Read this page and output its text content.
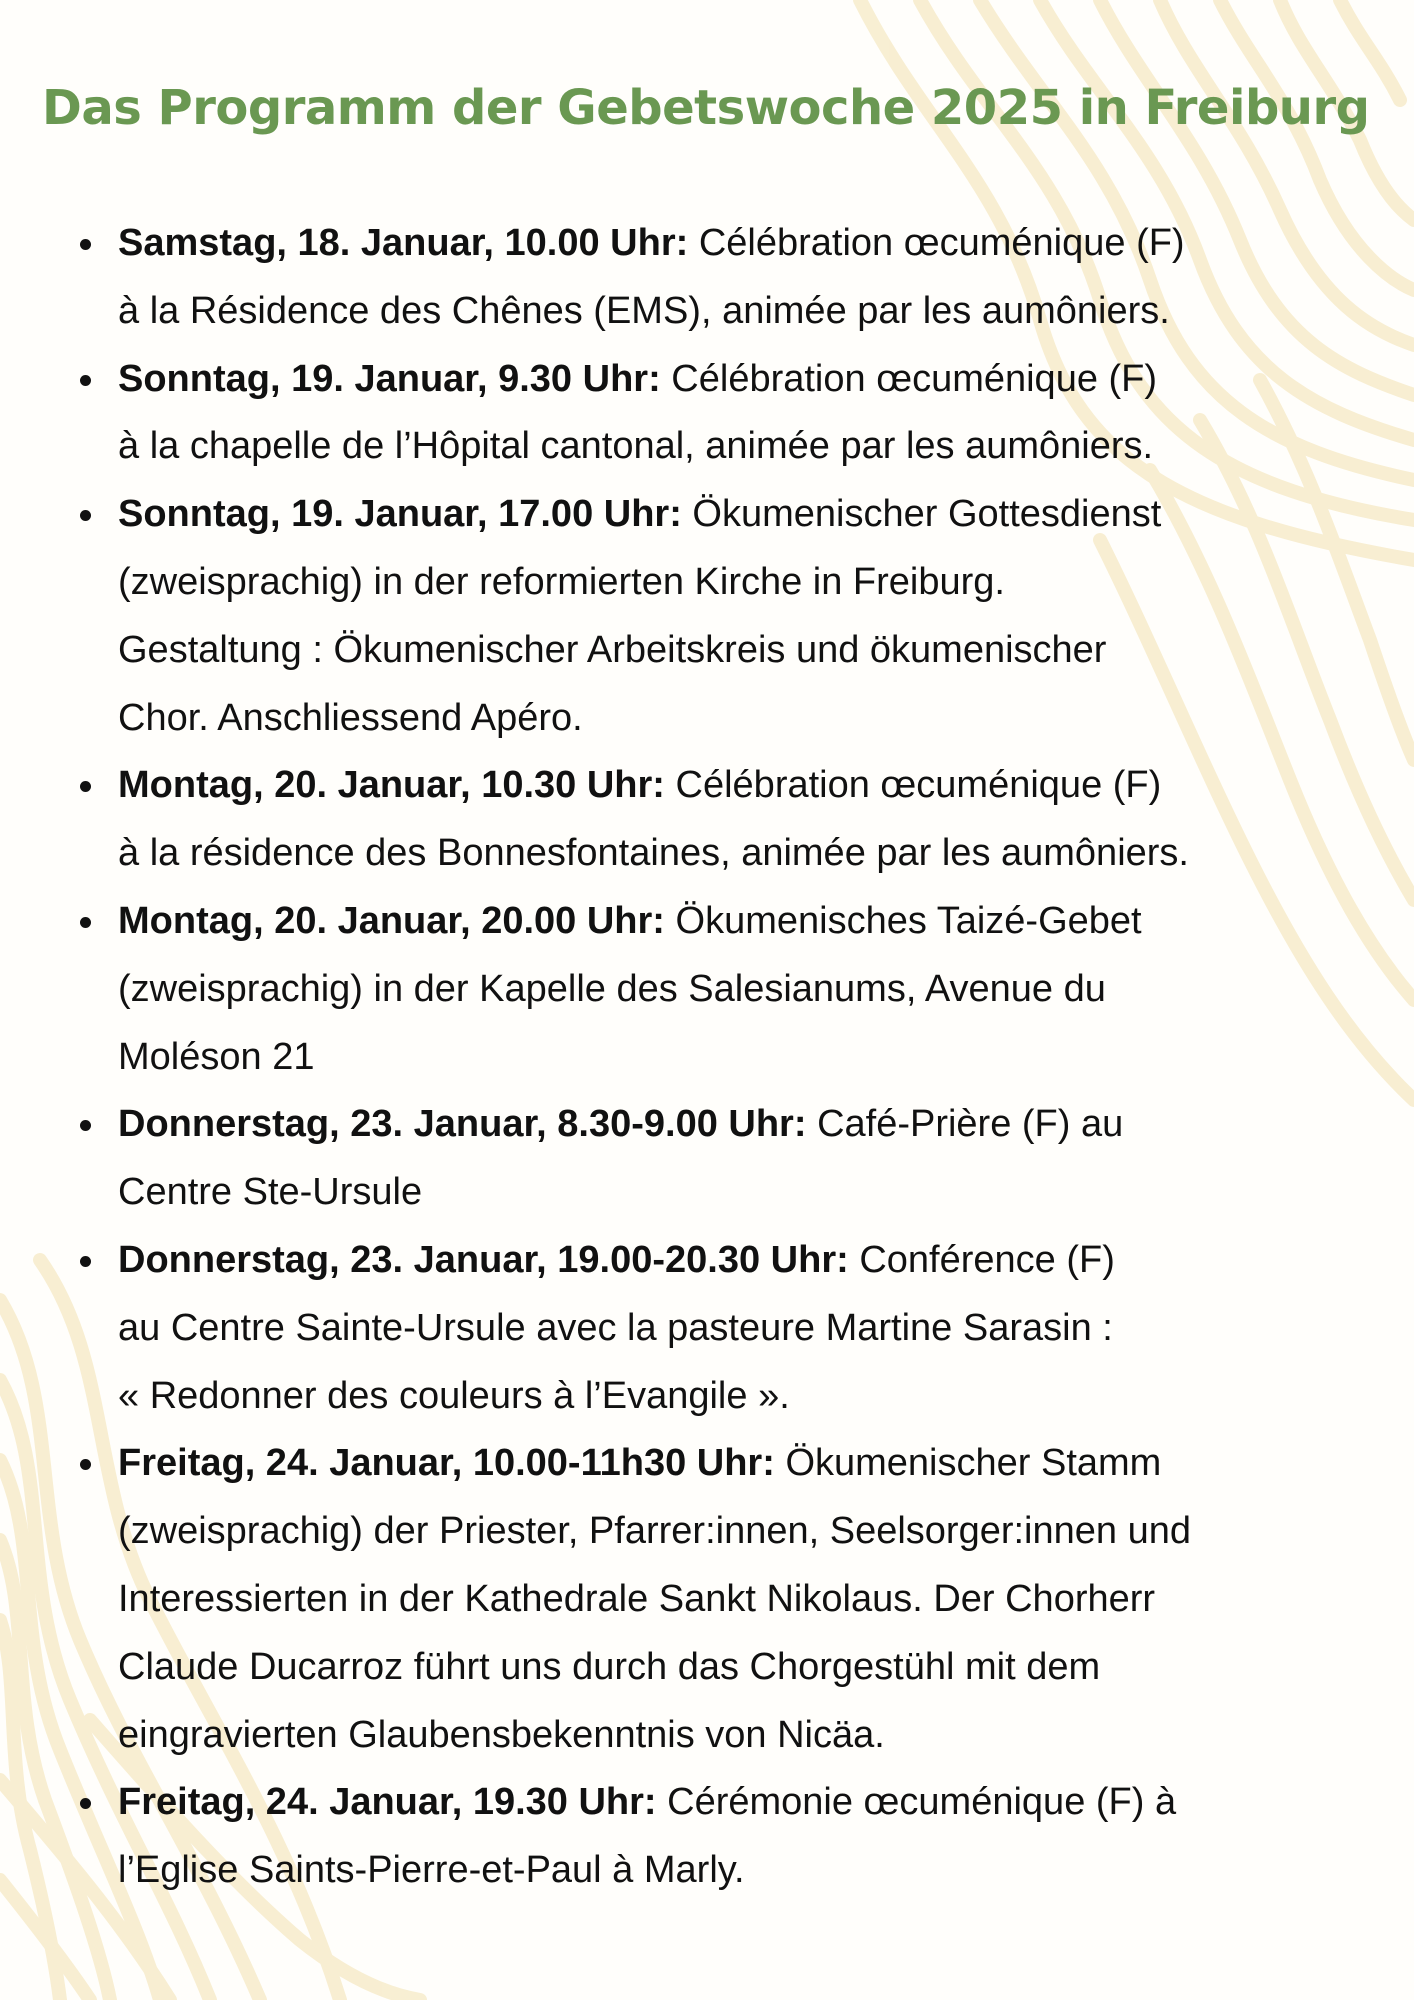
Das Programm der Gebetswoche 2025 in Freiburg
Samstag, 18. Januar, 10.00 Uhr: Célébration œcuménique (F)
à la Résidence des Chênes (EMS), animée par les aumôniers.
Sonntag, 19. Januar, 9.30 Uhr: Célébration œcuménique (F)
à la chapelle de l’Hôpital cantonal, animée par les aumôniers.
Sonntag, 19. Januar, 17.00 Uhr: Ökumenischer Gottesdienst
(zweisprachig) in der reformierten Kirche in Freiburg.
Gestaltung : Ökumenischer Arbeitskreis und ökumenischer
Chor. Anschliessend Apéro.
Montag, 20. Januar, 10.30 Uhr: Célébration œcuménique (F)
à la résidence des Bonnesfontaines, animée par les aumôniers.
Montag, 20. Januar, 20.00 Uhr: Ökumenisches Taizé-Gebet
(zweisprachig) in der Kapelle des Salesianums, Avenue du
Moléson 21
Donnerstag, 23. Januar, 8.30-9.00 Uhr: Café-Prière (F) au
Centre Ste-Ursule
Donnerstag, 23. Januar, 19.00-20.30 Uhr: Conférence (F)
au Centre Sainte-Ursule avec la pasteure Martine Sarasin :
« Redonner des couleurs à l’Evangile ».
Freitag, 24. Januar, 10.00-11h30 Uhr: Ökumenischer Stamm
(zweisprachig) der Priester, Pfarrer:innen, Seelsorger:innen und
Interessierten in der Kathedrale Sankt Nikolaus. Der Chorherr
Claude Ducarroz führt uns durch das Chorgestühl mit dem
eingravierten Glaubensbekenntnis von Nicäa.
Freitag, 24. Januar, 19.30 Uhr: Cérémonie œcuménique (F) à
l’Eglise Saints-Pierre-et-Paul à Marly.
